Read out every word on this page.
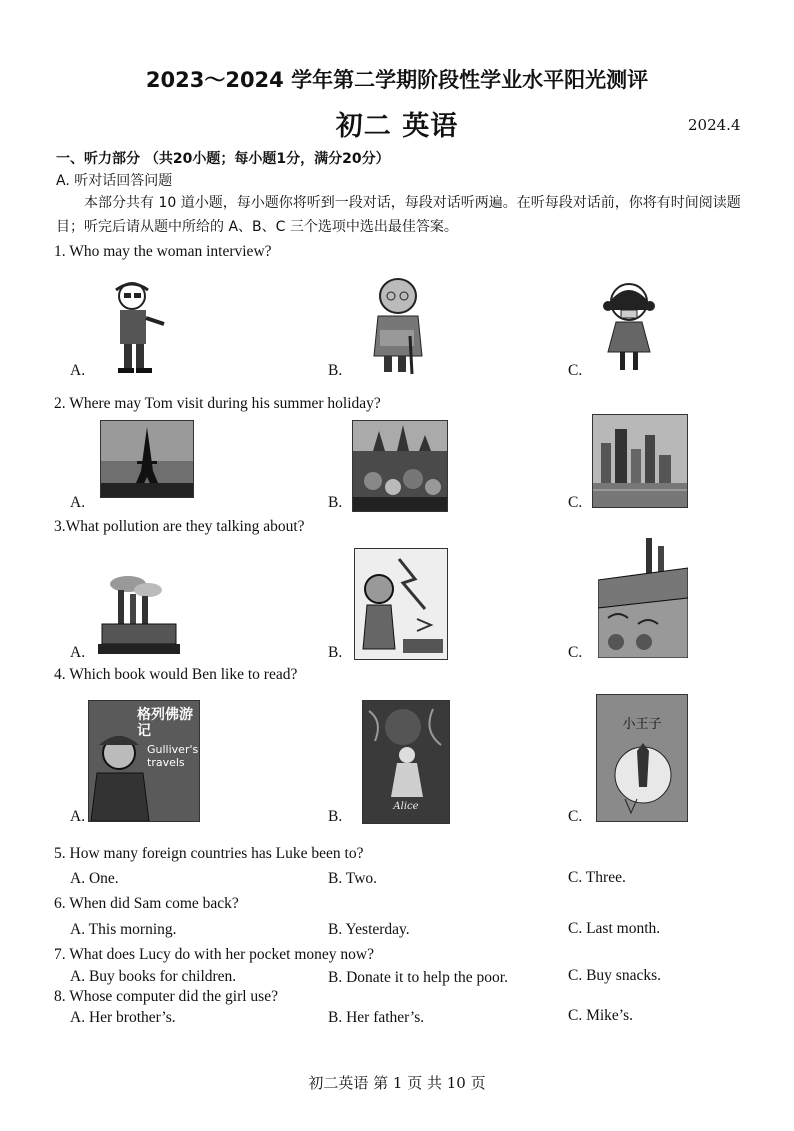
2023～2024 学年第二学期阶段性学业水平阳光测评
初二 英语	2024.4
一、听力部分 （共20小题；每小题1分，满分20分）
A. 听对话回答问题
本部分共有 10 道小题，每小题你将听到一段对话，每段对话听两遍。在听每段对话前，你将有时间阅读题目；听完后请从题中所给的 A、B、C 三个选项中选出最佳答案。
1. Who may the woman interview?
A.	B.	C.
2. Where may Tom visit during his summer holiday?
A.	B.	C.
3.What pollution are they talking about?
A.	B.	C.
4. Which book would Ben like to read?
A.	B.	C.
格列佛游记
Gulliver's travels
Alice
小王子
5. How many foreign countries has Luke been to?
A. One.	B. Two.	C. Three.
6. When did Sam come back?
A. This morning.	B. Yesterday.	C. Last month.
7. What does Lucy do with her pocket money now?
A. Buy books for children.	B. Donate it to help the poor.	C. Buy snacks.
8. Whose computer did the girl use?
A. Her brother’s.	B. Her father’s.	C. Mike’s.
初二英语 第 1 页 共 10 页
